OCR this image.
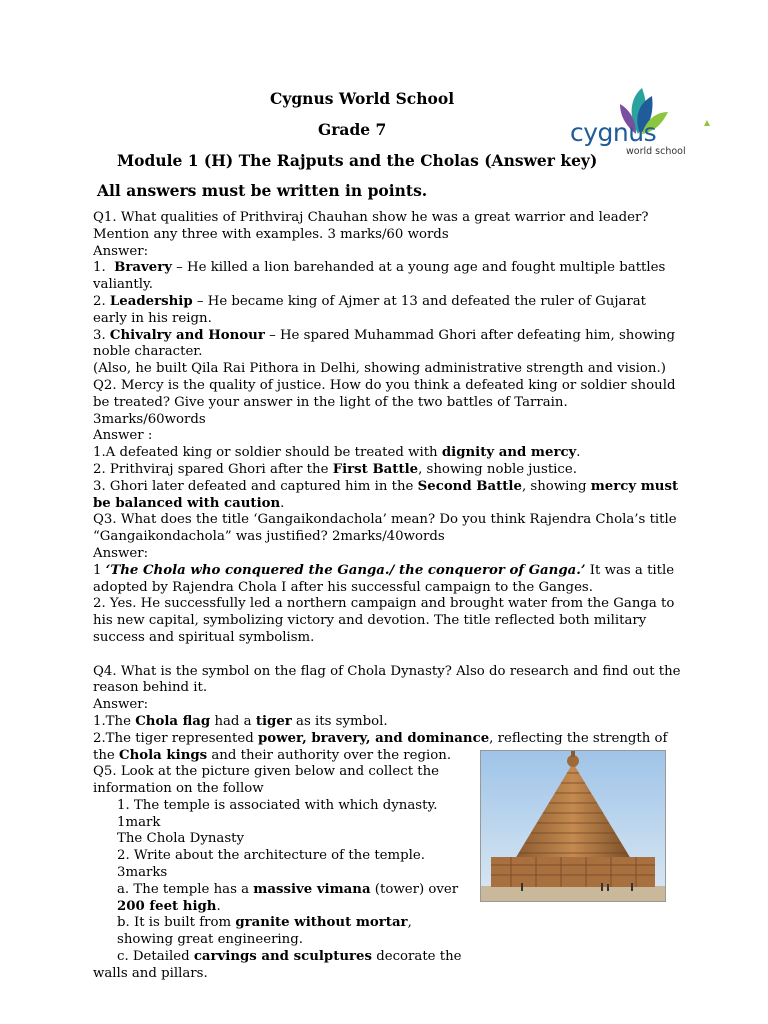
Cygnus World School
Grade 7
Module 1 (H) The Rajputs and the Cholas (Answer key)
All answers must be written in points.
cygnus
world school

Q1. What qualities of Prithviraj Chauhan show he was a great warrior and leader? Mention any three with examples. 3 marks/60 words

Answer:

1. Bravery – He killed a lion barehanded at a young age and fought multiple battles valiantly.

2. Leadership – He became king of Ajmer at 13 and defeated the ruler of Gujarat early in his reign.

3. Chivalry and Honour – He spared Muhammad Ghori after defeating him, showing noble character.

(Also, he built Qila Rai Pithora in Delhi, showing administrative strength and vision.)

Q2. Mercy is the quality of justice. How do you think a defeated king or soldier should be treated? Give your answer in the light of the two battles of Tarrain. 3marks/60words

Answer :

1.A defeated king or soldier should be treated with dignity and mercy.

2. Prithviraj spared Ghori after the First Battle, showing noble justice.

3. Ghori later defeated and captured him in the Second Battle, showing mercy must be balanced with caution.

Q3. What does the title ‘Gangaikondachola’ mean? Do you think Rajendra Chola’s title “Gangaikondachola” was justified? 2marks/40words

Answer:

1 ‘The Chola who conquered the Ganga./ the conqueror of Ganga.’ It was a title adopted by Rajendra Chola I after his successful campaign to the Ganges.

2. Yes. He successfully led a northern campaign and brought water from the Ganga to his new capital, symbolizing victory and devotion. The title reflected both military success and spiritual symbolism.

Q4. What is the symbol on the flag of Chola Dynasty? Also do research and find out the reason behind it.

Answer:

1.The Chola flag had a tiger as its symbol.

2.The tiger represented power, bravery, and dominance, reflecting the strength of the Chola kings and their authority over the region.

Q5. Look at the picture given below and collect the information on the follow

1. The temple is associated with which dynasty. 1mark

The Chola Dynasty

2. Write about the architecture of the temple. 3marks

a. The temple has a massive vimana (tower) over 200 feet high.

b. It is built from granite without mortar, showing great engineering.

c. Detailed carvings and sculptures decorate the walls and pillars.
